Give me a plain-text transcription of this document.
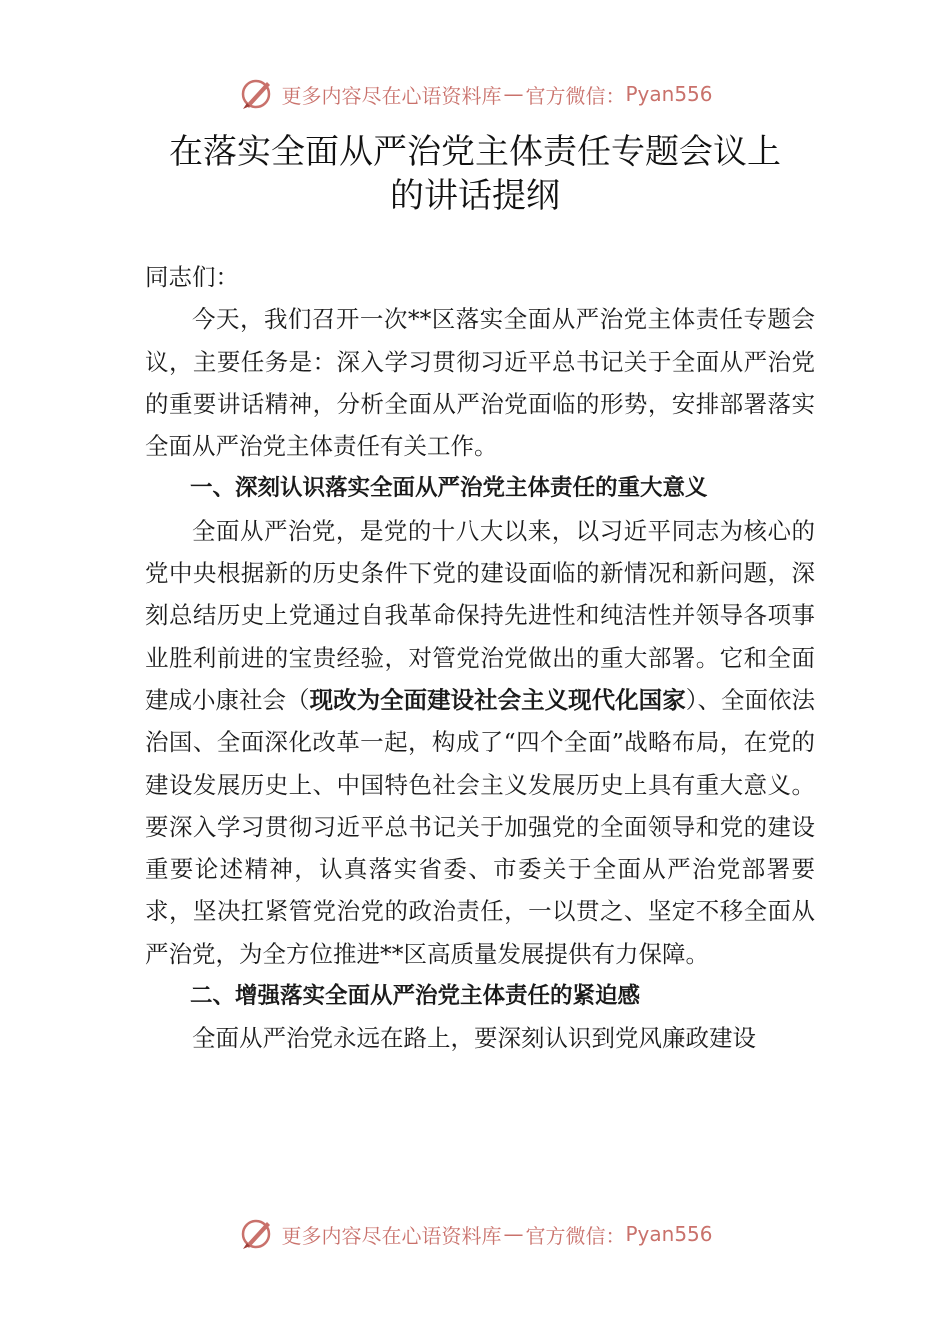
更多内容尽在心语资料库 — 官方微信： Pyan556
在落实全面从严治党主体责任专题会议上
的讲话提纲

同志们：

今天，我们召开一次**区落实全面从严治党主体责任专题会议，主要任务是：深入学习贯彻习近平总书记关于全面从严治党的重要讲话精神，分析全面从严治党面临的形势，安排部署落实全面从严治党主体责任有关工作。

一、深刻认识落实全面从严治党主体责任的重大意义

全面从严治党，是党的十八大以来，以习近平同志为核心的党中央根据新的历史条件下党的建设面临的新情况和新问题，深刻总结历史上党通过自我革命保持先进性和纯洁性并领导各项事业胜利前进的宝贵经验，对管党治党做出的重大部署。它和全面建成小康社会（现改为全面建设社会主义现代化国家）、全面依法治国、全面深化改革一起，构成了“四个全面”战略布局，在党的建设发展历史上、中国特色社会主义发展历史上具有重大意义。要深入学习贯彻习近平总书记关于加强党的全面领导和党的建设重要论述精神，认真落实省委、市委关于全面从严治党部署要求，坚决扛紧管党治党的政治责任，一以贯之、坚定不移全面从严治党，为全方位推进**区高质量发展提供有力保障。

二、增强落实全面从严治党主体责任的紧迫感

全面从严治党永远在路上，要深刻认识到党风廉政建设

更多内容尽在心语资料库 — 官方微信： Pyan556
